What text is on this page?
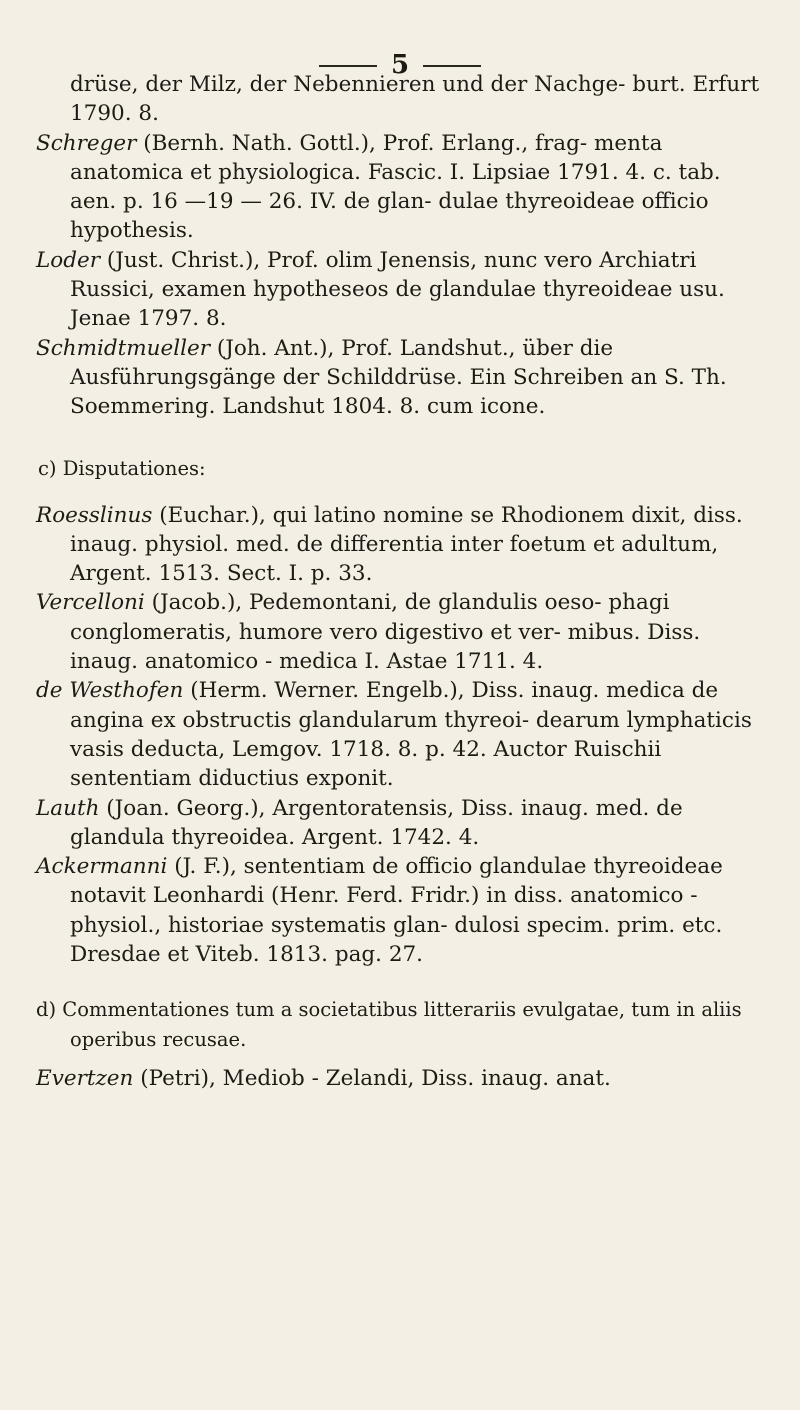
5

drüse, der Milz, der Nebennieren und der Nachge- burt. Erfurt 1790. 8.

Schreger (Bernh. Nath. Gottl.), Prof. Erlang., frag- menta anatomica et physiologica. Fascic. I. Lipsiae 1791. 4. c. tab. aen. p. 16 —19 — 26. IV. de glan- dulae thyreoideae officio hypothesis.

Loder (Just. Christ.), Prof. olim Jenensis, nunc vero Archiatri Russici, examen hypotheseos de glandulae thyreoideae usu. Jenae 1797. 8.

Schmidtmueller (Joh. Ant.), Prof. Landshut., über die Ausführungsgänge der Schilddrüse. Ein Schreiben an S. Th. Soemmering. Landshut 1804. 8. cum icone.

c) Disputationes:

Roesslinus (Euchar.), qui latino nomine se Rhodionem dixit, diss. inaug. physiol. med. de differentia inter foetum et adultum, Argent. 1513. Sect. I. p. 33.

Vercelloni (Jacob.), Pedemontani, de glandulis oeso- phagi conglomeratis, humore vero digestivo et ver- mibus. Diss. inaug. anatomico - medica I. Astae 1711. 4.

de Westhofen (Herm. Werner. Engelb.), Diss. inaug. medica de angina ex obstructis glandularum thyreoi- dearum lymphaticis vasis deducta, Lemgov. 1718. 8. p. 42. Auctor Ruischii sententiam diductius exponit.

Lauth (Joan. Georg.), Argentoratensis, Diss. inaug. med. de glandula thyreoidea. Argent. 1742. 4.

Ackermanni (J. F.), sententiam de officio glandulae thyreoideae notavit Leonhardi (Henr. Ferd. Fridr.) in diss. anatomico - physiol., historiae systematis glan- dulosi specim. prim. etc. Dresdae et Viteb. 1813. pag. 27.

d) Commentationes tum a societatibus litterariis evulgatae, tum in aliis operibus recusae.

Evertzen (Petri), Mediob - Zelandi, Diss. inaug. anat.
